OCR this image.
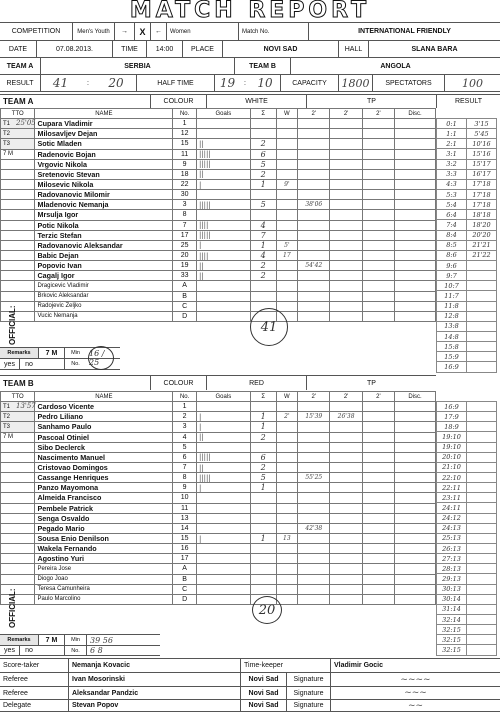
MATCH REPORT
COMPETITION	Men's Youth	→	X	←	Women	Match No.	INTERNATIONAL FRIENDLY
DATE	07.08.2013.	TIME	14:00	PLACE	NOVI SAD	HALL	SLANA BARA
TEAM A	SERBIA	TEAM B	ANGOLA
RESULT	41	:	20	HALF TIME	19	: 10	CAPACITY	1800	SPECTATORS	100
TEAM A	COLOUR	WHITE	TP	RESULT
TTO	NAME	No.	Goals	Σ	W	2'	2'	2'	Disc.
T1	Cupara Vladimir	1							
T2	Milosavljev Dejan	12							
T3	Sotic Mladen	15	||	2					
7 M	Radenovic Bojan	11	|||||	6					
	Vrgovic Nikola	9	|||||	5					
	Sretenovic Stevan	18	||	2					
	Milosevic Nikola	22	|	1	9'				
	Radovanovic Milomir	30							
	Mladenovic Nemanja	3	|||||	5		38'06			
	Mrsulja Igor	8							
	Potic Nikola	7	||||	4					
	Terzic Stefan	17	|||||	7					
	Radovanovic Aleksandar	25	|	1	5'				
	Babic Dejan	20	||||	4	17				
	Popovic Ivan	19	||	2		54'42			
	Cagalj Igor	33	||	2					
	Dragicevic Vladimir	A							
	Brkovic Aleksandar	B							
	Radojevic Zeljko	C							
	Vucic Nemanja	D							
0:1	3'15
1:1	5'45
2:1	10'16
3:1	15'16
3:2	15'17
3:3	16'17
4:3	17'18
5:3	17'18
5:4	17'18
6:4	18'18
7:4	18'20
8:4	20'20
8:5	21'21
8:6	21'22
9:6	
9:7	
10:7	
11:7	
11:8	
12:8	
13:8	
14:8	
15:8	
15:9	
16:9	
41
25'05
OFFICIAL:
Remarks	7 M	Min
yes	no	No.
16 / 25
TEAM B	COLOUR	RED	TP
TTO	NAME	No.	Goals	Σ	W	2'	2'	2'	Disc.
T1	Cardoso Vicente	1							
T2	Pedro Liliano	2	|	1	2'	15'39	26'38		
T3	Sanhamo Paulo	3	|	1					
7 M	Pascoal Otiniel	4	||	2					
	Sibo Declerck	5							
	Nascimento Manuel	6	|||||	6					
	Cristovao Domingos	7	||	2					
	Cassange Henriques	8	|||||	5		55'25			
	Panzo Mayomona	9	|	1					
	Almeida Francisco	10							
	Pembele Patrick	11							
	Senga Osvaldo	13							
	Pegado Mario	14				42'38			
	Sousa Enio Denilson	15	|	1	13				
	Wakela Fernando	16							
	Agostino Yuri	17							
	Pereira Jose	A							
	Diogo Joao	B							
	Teresa Camunheira	C							
	Paulo Marcolino	D							
16:9	
17:9	
18:9	
19:10	
19:10	
20:10	
21:10	
22:10	
22:11	
23:11	
24:11	
24:12	
24:13	
25:13	
26:13	
27:13	
28:13	
29:13	
30:13	
30:14	
31:14	
32:14	
32:15	
32:15	
32:15	
20
13'57
OFFICIAL:
Remarks	7 M	Min	39 56
yes	no	No.	6 8
Score-taker	Nemanja Kovacic	Time-keeper	Vladimir Gocic
Referee	Ivan Mosorinski	Novi Sad	Signature	~~~~
Referee	Aleksandar Pandzic	Novi Sad	Signature	~~~
Delegate	Stevan Popov	Novi Sad	Signature	~~
